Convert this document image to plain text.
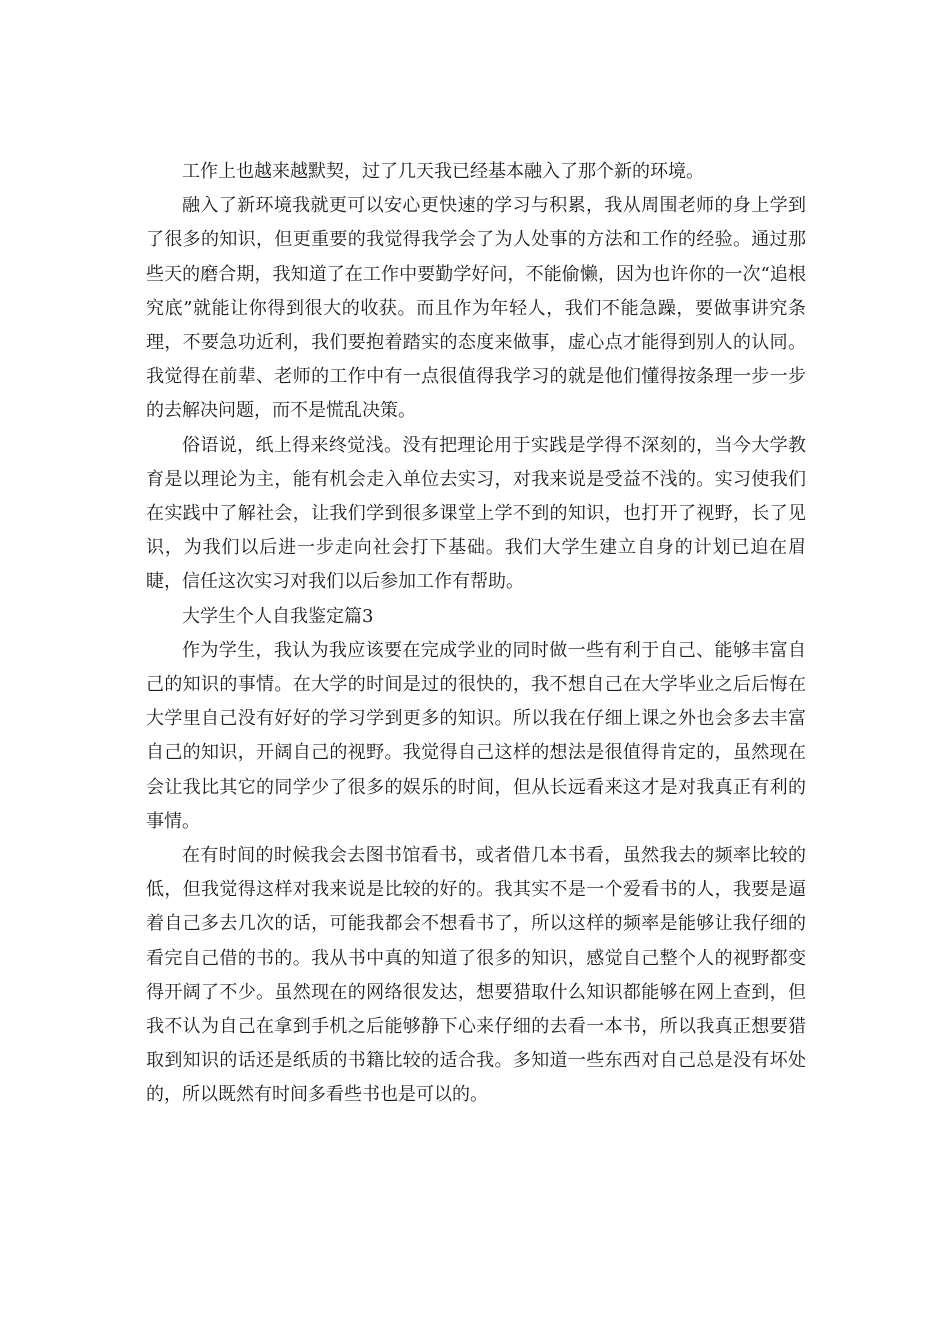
工作上也越来越默契，过了几天我已经基本融入了那个新的环境。

融入了新环境我就更可以安心更快速的学习与积累，我从周围老师的身上学到了很多的知识，但更重要的我觉得我学会了为人处事的方法和工作的经验。通过那些天的磨合期，我知道了在工作中要勤学好问，不能偷懒，因为也许你的一次“追根究底”就能让你得到很大的收获。而且作为年轻人，我们不能急躁，要做事讲究条理，不要急功近利，我们要抱着踏实的态度来做事，虚心点才能得到别人的认同。我觉得在前辈、老师的工作中有一点很值得我学习的就是他们懂得按条理一步一步的去解决问题，而不是慌乱决策。

俗语说，纸上得来终觉浅。没有把理论用于实践是学得不深刻的，当今大学教育是以理论为主，能有机会走入单位去实习，对我来说是受益不浅的。实习使我们在实践中了解社会，让我们学到很多课堂上学不到的知识，也打开了视野，长了见识，为我们以后进一步走向社会打下基础。我们大学生建立自身的计划已迫在眉睫，信任这次实习对我们以后参加工作有帮助。

大学生个人自我鉴定篇3

作为学生，我认为我应该要在完成学业的同时做一些有利于自己、能够丰富自己的知识的事情。在大学的时间是过的很快的，我不想自己在大学毕业之后后悔在大学里自己没有好好的学习学到更多的知识。所以我在仔细上课之外也会多去丰富自己的知识，开阔自己的视野。我觉得自己这样的想法是很值得肯定的，虽然现在会让我比其它的同学少了很多的娱乐的时间，但从长远看来这才是对我真正有利的事情。

在有时间的时候我会去图书馆看书，或者借几本书看，虽然我去的频率比较的低，但我觉得这样对我来说是比较的好的。我其实不是一个爱看书的人，我要是逼着自己多去几次的话，可能我都会不想看书了，所以这样的频率是能够让我仔细的看完自己借的书的。我从书中真的知道了很多的知识，感觉自己整个人的视野都变得开阔了不少。虽然现在的网络很发达，想要猎取什么知识都能够在网上查到，但我不认为自己在拿到手机之后能够静下心来仔细的去看一本书，所以我真正想要猎取到知识的话还是纸质的书籍比较的适合我。多知道一些东西对自己总是没有坏处的，所以既然有时间多看些书也是可以的。
